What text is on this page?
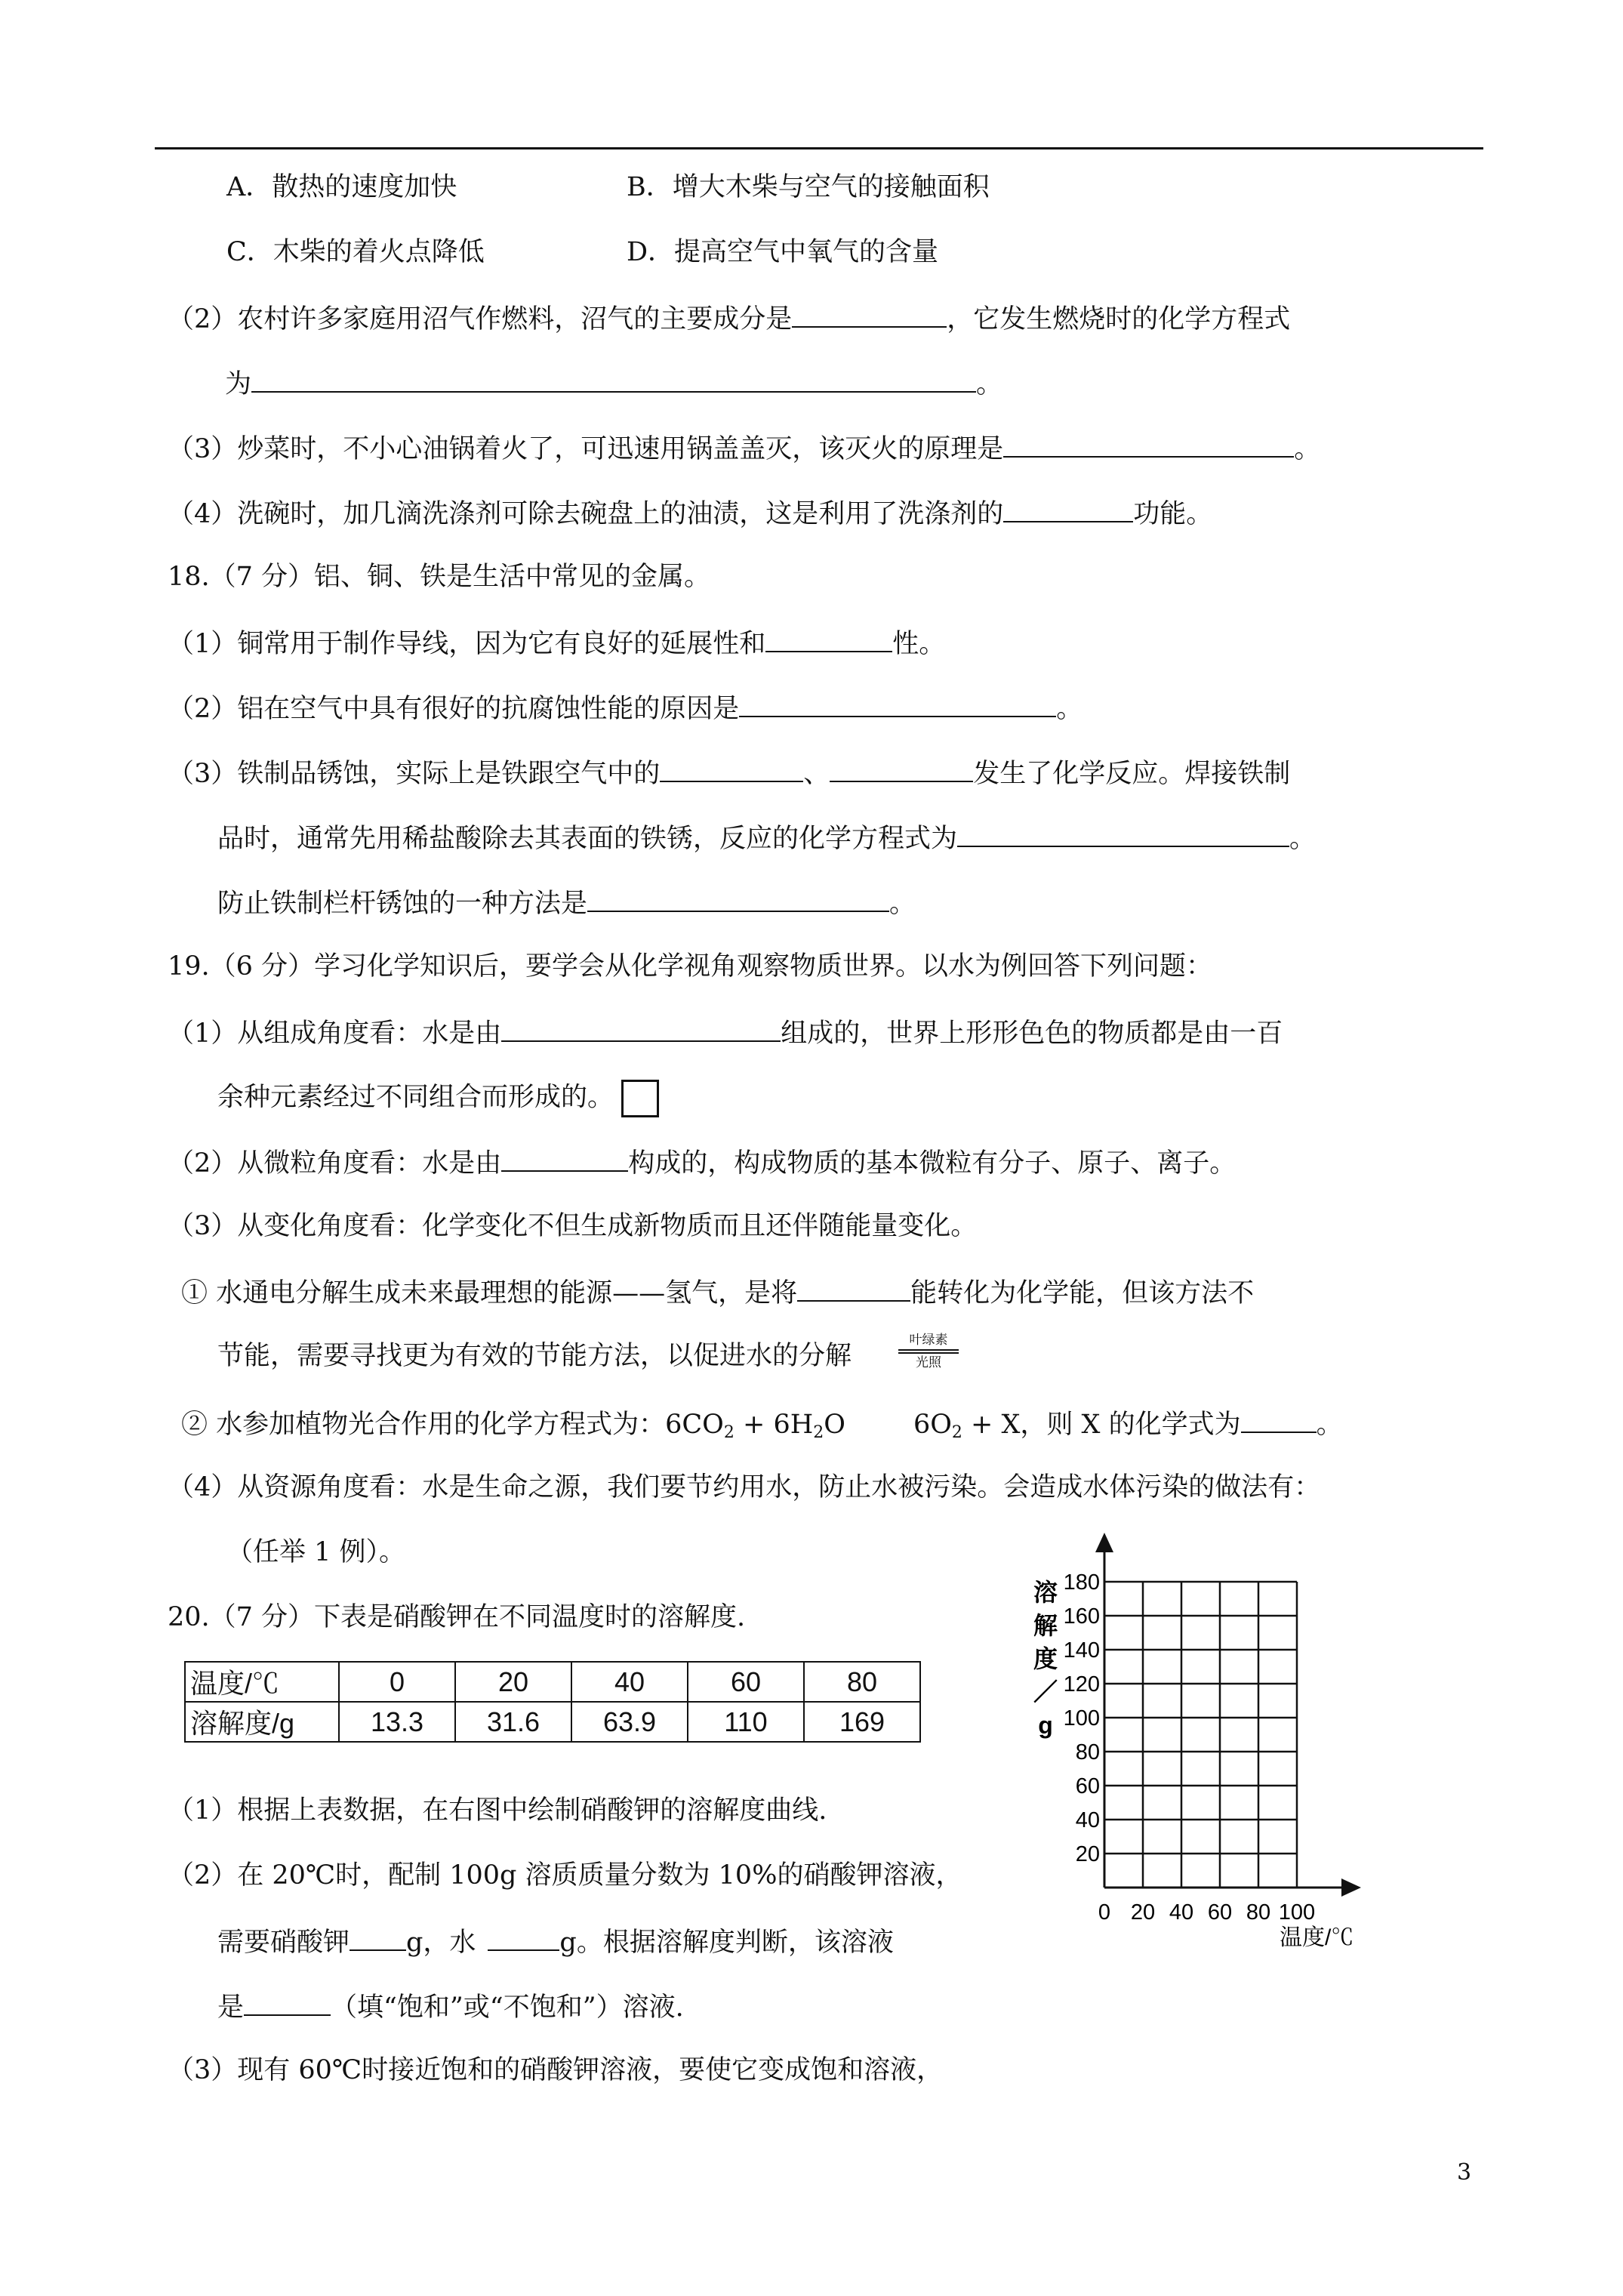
A．散热的速度加快	B．增大木柴与空气的接触面积
C．木柴的着火点降低	D．提高空气中氧气的含量
（2）农村许多家庭用沼气作燃料，沼气的主要成分是	，它发生燃烧时的化学方程式
为	。
（3）炒菜时，不小心油锅着火了，可迅速用锅盖盖灭，该灭火的原理是	。
（4）洗碗时，加几滴洗涤剂可除去碗盘上的油渍，这是利用了洗涤剂的	功能。
18.（7 分）铝、铜、铁是生活中常见的金属。
（1）铜常用于制作导线，因为它有良好的延展性和	性。
（2）铝在空气中具有很好的抗腐蚀性能的原因是	。
（3）铁制品锈蚀，实际上是铁跟空气中的	、	发生了化学反应。焊接铁制
品时，通常先用稀盐酸除去其表面的铁锈，反应的化学方程式为	。
防止铁制栏杆锈蚀的一种方法是	。
19.（6 分）学习化学知识后，要学会从化学视角观察物质世界。以水为例回答下列问题：
（1）从组成角度看：水是由	组成的，世界上形形色色的物质都是由一百
余种元素经过不同组合而形成的。
（2）从微粒角度看：水是由	构成的，构成物质的基本微粒有分子、原子、离子。
（3）从变化角度看：化学变化不但生成新物质而且还伴随能量变化。
① 水通电分解生成未来最理想的能源——氢气，是将	能转化为化学能，但该方法不
节能，需要寻找更为有效的节能方法，以促进水的分解
叶绿素
光照
② 水参加植物光合作用的化学方程式为：$6CO_2 + 6H_2O$	$6O_2 + X$，则 X 的化学式为	。
（4）从资源角度看：水是生命之源，我们要节约用水，防止水被污染。会造成水体污染的做法有：
（任举 1 例）。
20.（7 分）下表是硝酸钾在不同温度时的溶解度.
温度/℃	0	20	40	60	80
溶解度/g	13.3	31.6	63.9	110	169
（1）根据上表数据，在右图中绘制硝酸钾的溶解度曲线.
（2）在 20℃时，配制 100g 溶质质量分数为 10%的硝酸钾溶液，
需要硝酸钾 g，水	g。根据溶解度判断，该溶液
是	（填“饱和”或“不饱和”）溶液.
（3）现有 60℃时接近饱和的硝酸钾溶液，要使它变成饱和溶液，
20
40
60
80
100
120
140
160
180
0 20 40 60 80 100
溶
解
度
／
g
温度/℃
3
